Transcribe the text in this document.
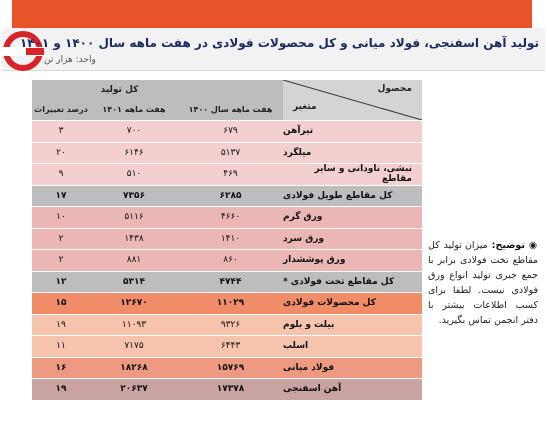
تولید آهن اسفنجی، فولاد میانی و کل محصولات فولادی در هفت ماهه سال ۱۴۰۰ و ۱۴۰۱
واحد: هزار تن
کل تولید
درصد تغییرات	هفت ماهه ۱۴۰۱	هفت ماهه سال ۱۴۰۰
محصول
متغیر
۳	۷۰۰	۶۷۹	تیرآهن
۲۰	۶۱۴۶	۵۱۳۷	میلگرد
۹	۵۱۰	۴۶۹	نبشی، ناودانی و سایر مقاطع
۱۷	۷۳۵۶	۶۲۸۵	کل مقاطع طویل فولادی
۱۰	۵۱۱۶	۴۶۶۰	ورق گرم
۲	۱۴۳۸	۱۴۱۰	ورق سرد
۲	۸۸۱	۸۶۰	ورق پوششدار
۱۲	۵۳۱۴	۴۷۴۴	کل مقاطع تخت فولادی *
۱۵	۱۲۶۷۰	۱۱۰۲۹	کل محصولات فولادی
۱۹	۱۱۰۹۳	۹۳۲۶	بیلت و بلوم
۱۱	۷۱۷۵	۶۴۴۳	اسلب
۱۶	۱۸۲۶۸	۱۵۷۶۹	فولاد میانی
۱۹	۲۰۶۳۷	۱۷۳۷۸	آهن اسفنجی
◉ توضیح: میزان تولید کل مقاطع تخت فولادی برابر با جمع جبری تولید انواع ورق فولادی نیست. لطفا برای کسب اطلاعات بیشتر با دفتر انجمن تماس بگیرید.
